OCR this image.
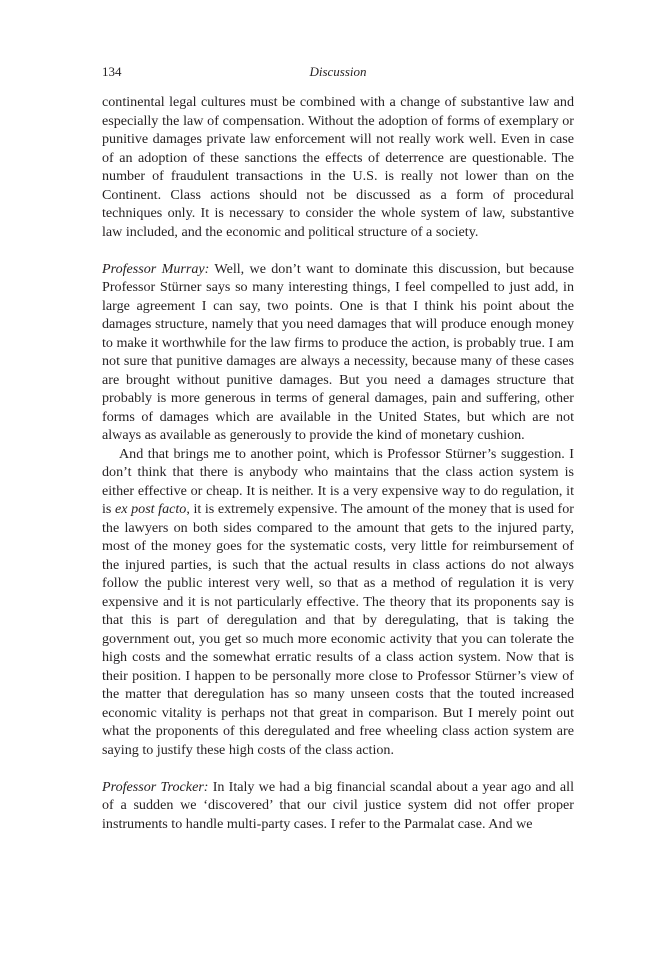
134	Discussion

continental legal cultures must be combined with a change of substantive law and especially the law of compensation. Without the adoption of forms of exemplary or punitive damages private law enforcement will not really work well. Even in case of an adoption of these sanctions the effects of deterrence are questionable. The number of fraudulent transactions in the U.S. is really not lower than on the Continent. Class actions should not be discussed as a form of procedural techniques only. It is necessary to consider the whole system of law, substantive law included, and the economic and political structure of a society.

Professor Murray: Well, we don’t want to dominate this discussion, but because Professor Stürner says so many interesting things, I feel compelled to just add, in large agreement I can say, two points. One is that I think his point about the damages structure, namely that you need damages that will produce enough money to make it worthwhile for the law firms to produce the action, is probably true. I am not sure that punitive damages are always a necessity, because many of these cases are brought without punitive damages. But you need a damages structure that probably is more generous in terms of general damages, pain and suffering, other forms of damages which are available in the United States, but which are not always as available as generously to provide the kind of monetary cushion.

And that brings me to another point, which is Professor Stürner’s suggestion. I don’t think that there is anybody who maintains that the class action system is either effective or cheap. It is neither. It is a very expensive way to do regulation, it is ex post facto, it is extremely expensive. The amount of the money that is used for the lawyers on both sides compared to the amount that gets to the injured party, most of the money goes for the systematic costs, very little for reimbursement of the injured parties, is such that the actual results in class actions do not always follow the public interest very well, so that as a method of regulation it is very expensive and it is not particularly effective. The theory that its proponents say is that this is part of deregulation and that by deregulating, that is taking the government out, you get so much more economic activity that you can tolerate the high costs and the somewhat erratic results of a class action system. Now that is their position. I happen to be personally more close to Professor Stürner’s view of the matter that deregulation has so many unseen costs that the touted increased economic vitality is perhaps not that great in comparison. But I merely point out what the proponents of this deregulated and free wheeling class action system are saying to justify these high costs of the class action.

Professor Trocker: In Italy we had a big financial scandal about a year ago and all of a sudden we ‘discovered’ that our civil justice system did not offer proper instruments to handle multi-party cases. I refer to the Parmalat case. And we
